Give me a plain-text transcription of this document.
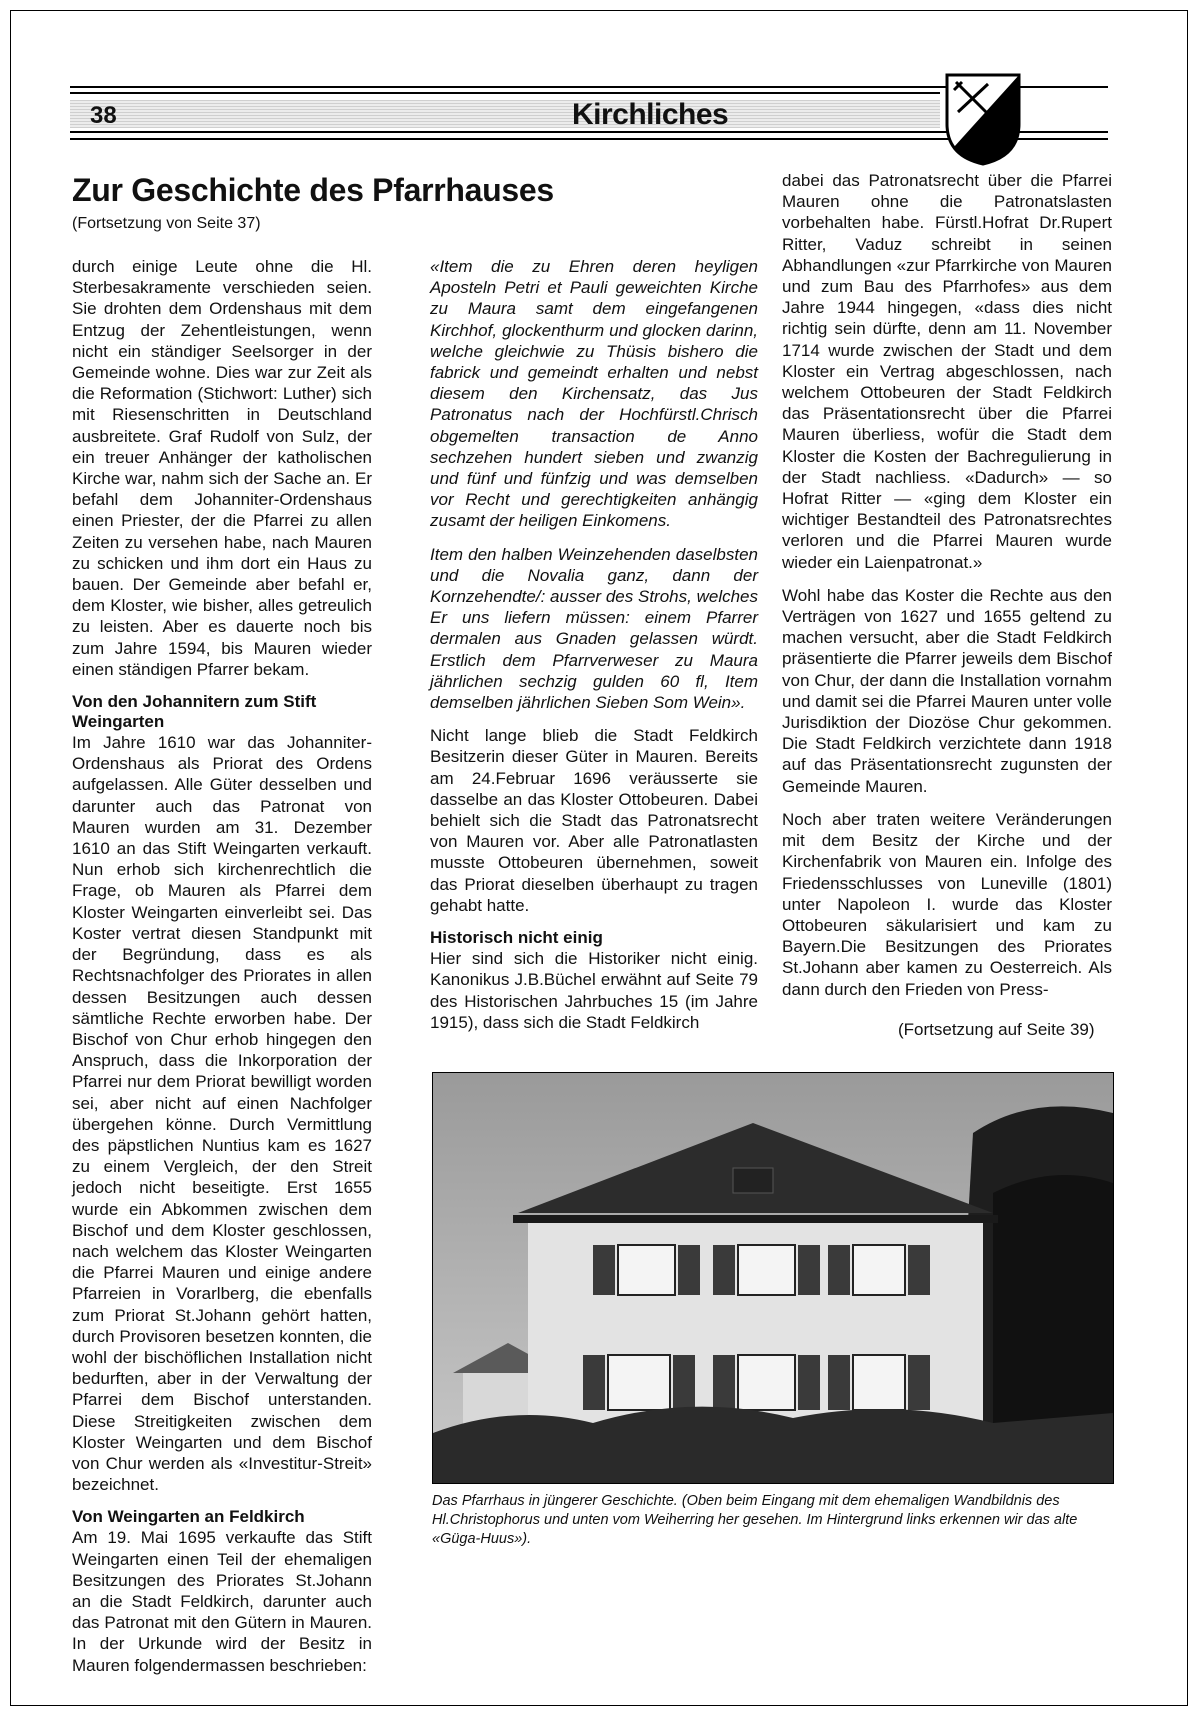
38	Kirchliches
Zur Geschichte des Pfarrhauses
(Fortsetzung von Seite 37)

durch einige Leute ohne die Hl. Sterbesakramente verschieden seien. Sie drohten dem Ordenshaus mit dem Entzug der Zehentleistungen, wenn nicht ein ständiger Seelsorger in der Gemeinde wohne. Dies war zur Zeit als die Reformation (Stichwort: Luther) sich mit Riesenschritten in Deutschland ausbreitete. Graf Rudolf von Sulz, der ein treuer Anhänger der katholischen Kirche war, nahm sich der Sache an. Er befahl dem Johanniter-Ordenshaus einen Priester, der die Pfarrei zu allen Zeiten zu versehen habe, nach Mauren zu schicken und ihm dort ein Haus zu bauen. Der Gemeinde aber befahl er, dem Kloster, wie bisher, alles getreulich zu leisten. Aber es dauerte noch bis zum Jahre 1594, bis Mauren wieder einen ständigen Pfarrer bekam.

Von den Johannitern zum Stift Weingarten

Im Jahre 1610 war das Johanniter-Ordenshaus als Priorat des Ordens aufgelassen. Alle Güter desselben und darunter auch das Patronat von Mauren wurden am 31. Dezember 1610 an das Stift Weingarten verkauft. Nun erhob sich kirchenrechtlich die Frage, ob Mauren als Pfarrei dem Kloster Weingarten einverleibt sei. Das Koster vertrat diesen Standpunkt mit der Begründung, dass es als Rechtsnachfolger des Priorates in allen dessen Besitzungen auch dessen sämtliche Rechte erworben habe. Der Bischof von Chur erhob hingegen den Anspruch, dass die Inkorporation der Pfarrei nur dem Priorat bewilligt worden sei, aber nicht auf einen Nachfolger übergehen könne. Durch Vermittlung des päpstlichen Nuntius kam es 1627 zu einem Vergleich, der den Streit jedoch nicht beseitigte. Erst 1655 wurde ein Abkommen zwischen dem Bischof und dem Kloster geschlossen, nach welchem das Kloster Weingarten die Pfarrei Mauren und einige andere Pfarreien in Vorarlberg, die ebenfalls zum Priorat St.Johann gehört hatten, durch Provisoren besetzen konnten, die wohl der bischöflichen Installation nicht bedurften, aber in der Verwaltung der Pfarrei dem Bischof unterstanden. Diese Streitigkeiten zwischen dem Kloster Weingarten und dem Bischof von Chur werden als «Investitur-Streit» bezeichnet.

Von Weingarten an Feldkirch

Am 19. Mai 1695 verkaufte das Stift Weingarten einen Teil der ehemaligen Besitzungen des Priorates St.Johann an die Stadt Feldkirch, darunter auch das Patronat mit den Gütern in Mauren. In der Urkunde wird der Besitz in Mauren folgendermassen beschrieben:

«Item die zu Ehren deren heyligen Aposteln Petri et Pauli geweichten Kirche zu Maura samt dem eingefangenen Kirchhof, glockenthurm und glocken darinn, welche gleichwie zu Thüsis bishero die fabrick und gemeindt erhalten und nebst diesem den Kirchensatz, das Jus Patronatus nach der Hochfürstl.Chrisch obgemelten transaction de Anno sechzehen hundert sieben und zwanzig und fünf und fünfzig und was demselben vor Recht und gerechtigkeiten anhängig zusamt der heiligen Einkomens.

Item den halben Weinzehenden daselbsten und die Novalia ganz, dann der Kornzehendte/: ausser des Strohs, welches Er uns liefern müssen: einem Pfarrer dermalen aus Gnaden gelassen würdt. Erstlich dem Pfarrverweser zu Maura jährlichen sechzig gulden 60 fl, Item demselben jährlichen Sieben Som Wein».

Nicht lange blieb die Stadt Feldkirch Besitzerin dieser Güter in Mauren. Bereits am 24.Februar 1696 veräusserte sie dasselbe an das Kloster Ottobeuren. Dabei behielt sich die Stadt das Patronatsrecht von Mauren vor. Aber alle Patronatlasten musste Ottobeuren übernehmen, soweit das Priorat dieselben überhaupt zu tragen gehabt hatte.

Historisch nicht einig

Hier sind sich die Historiker nicht einig. Kanonikus J.B.Büchel erwähnt auf Seite 79 des Historischen Jahrbuches 15 (im Jahre 1915), dass sich die Stadt Feldkirch

dabei das Patronatsrecht über die Pfarrei Mauren ohne die Patronatslasten vorbehalten habe. Fürstl.Hofrat Dr.Rupert Ritter, Vaduz schreibt in seinen Abhandlungen «zur Pfarrkirche von Mauren und zum Bau des Pfarrhofes» aus dem Jahre 1944 hingegen, «dass dies nicht richtig sein dürfte, denn am 11. November 1714 wurde zwischen der Stadt und dem Kloster ein Vertrag abgeschlossen, nach welchem Ottobeuren der Stadt Feldkirch das Präsentationsrecht über die Pfarrei Mauren überliess, wofür die Stadt dem Kloster die Kosten der Bachregulierung in der Stadt nachliess. «Dadurch» — so Hofrat Ritter — «ging dem Kloster ein wichtiger Bestandteil des Patronatsrechtes verloren und die Pfarrei Mauren wurde wieder ein Laienpatronat.»

Wohl habe das Koster die Rechte aus den Verträgen von 1627 und 1655 geltend zu machen versucht, aber die Stadt Feldkirch präsentierte die Pfarrer jeweils dem Bischof von Chur, der dann die Installation vornahm und damit sei die Pfarrei Mauren unter volle Jurisdiktion der Diozöse Chur gekommen. Die Stadt Feldkirch verzichtete dann 1918 auf das Präsentationsrecht zugunsten der Gemeinde Mauren.

Noch aber traten weitere Veränderungen mit dem Besitz der Kirche und der Kirchenfabrik von Mauren ein. Infolge des Friedensschlusses von Luneville (1801) unter Napoleon I. wurde das Kloster Ottobeuren säkularisiert und kam zu Bayern.Die Besitzungen des Priorates St.Johann aber kamen zu Oesterreich. Als dann durch den Frieden von Press-

(Fortsetzung auf Seite 39)
Das Pfarrhaus in jüngerer Geschichte. (Oben beim Eingang mit dem ehemaligen Wandbildnis des Hl.Christophorus und unten vom Weiherring her gesehen. Im Hintergrund links erkennen wir das alte «Güga-Huus»).
